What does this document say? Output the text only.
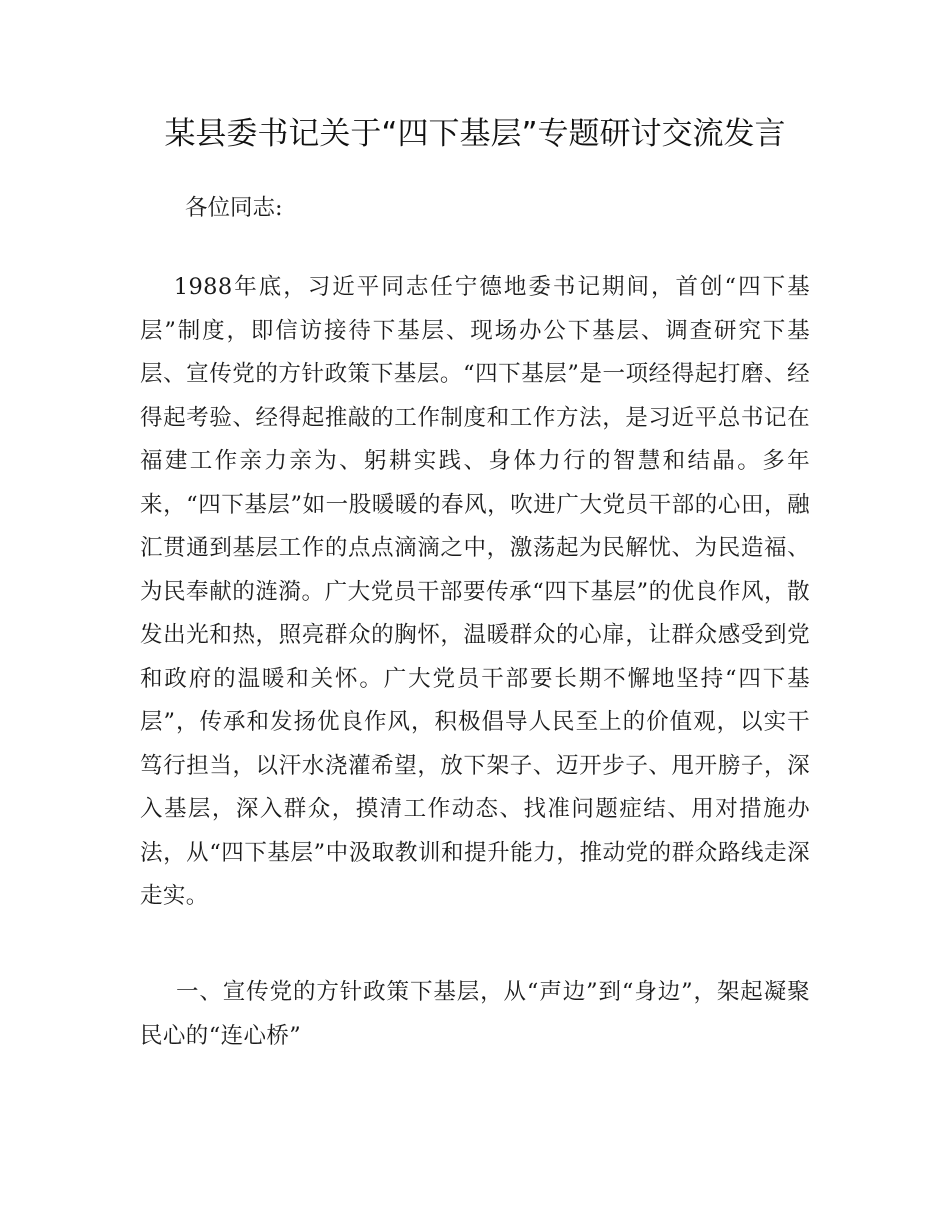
某县委书记关于“四下基层”专题研讨交流发言

各位同志:

1988年底，习近平同志任宁德地委书记期间，首创“四下基层”制度，即信访接待下基层、现场办公下基层、调查研究下基层、宣传党的方针政策下基层。“四下基层”是一项经得起打磨、经得起考验、经得起推敲的工作制度和工作方法，是习近平总书记在福建工作亲力亲为、躬耕实践、身体力行的智慧和结晶。多年来，“四下基层”如一股暖暖的春风，吹进广大党员干部的心田，融汇贯通到基层工作的点点滴滴之中，激荡起为民解忧、为民造福、为民奉献的涟漪。广大党员干部要传承“四下基层”的优良作风，散发出光和热，照亮群众的胸怀，温暖群众的心扉，让群众感受到党和政府的温暖和关怀。广大党员干部要长期不懈地坚持“四下基层”，传承和发扬优良作风，积极倡导人民至上的价值观，以实干笃行担当，以汗水浇灌希望，放下架子、迈开步子、甩开膀子，深入基层，深入群众，摸清工作动态、找准问题症结、用对措施办法，从“四下基层”中汲取教训和提升能力，推动党的群众路线走深走实。

一、宣传党的方针政策下基层，从“声边”到“身边”，架起凝聚民心的“连心桥”
